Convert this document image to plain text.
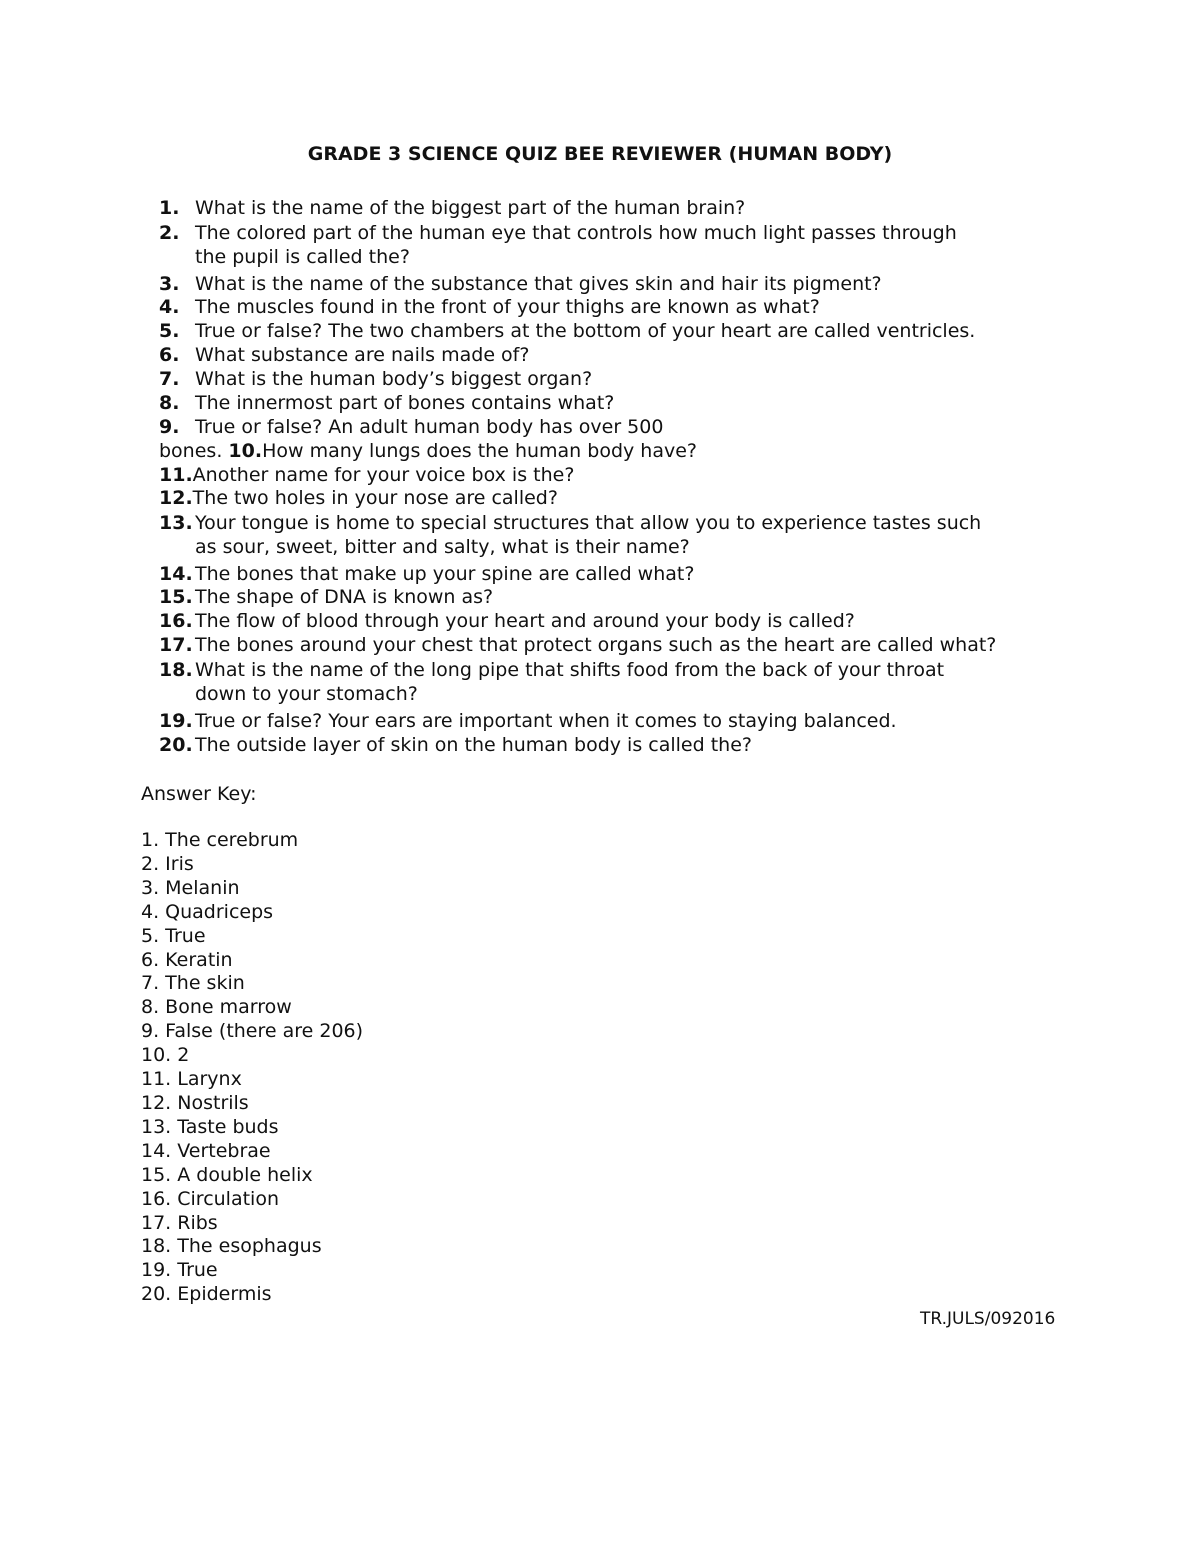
GRADE 3 SCIENCE QUIZ BEE REVIEWER (HUMAN BODY)
1. What is the name of the biggest part of the human brain?
2. The colored part of the human eye that controls how much light passes through
the pupil is called the?
3. What is the name of the substance that gives skin and hair its pigment?
4. The muscles found in the front of your thighs are known as what?
5. True or false? The two chambers at the bottom of your heart are called ventricles.
6. What substance are nails made of?
7. What is the human body’s biggest organ?
8. The innermost part of bones contains what?
9. True or false? An adult human body has over 500
bones. 10.How many lungs does the human body have?
11.Another name for your voice box is the?
12.The two holes in your nose are called?
13. Your tongue is home to special structures that allow you to experience tastes such
as sour, sweet, bitter and salty, what is their name?
14. The bones that make up your spine are called what?
15. The shape of DNA is known as?
16. The flow of blood through your heart and around your body is called?
17. The bones around your chest that protect organs such as the heart are called what?
18. What is the name of the long pipe that shifts food from the back of your throat
down to your stomach?
19. True or false? Your ears are important when it comes to staying balanced.
20. The outside layer of skin on the human body is called the?
Answer Key:
1. The cerebrum
2. Iris
3. Melanin
4. Quadriceps
5. True
6. Keratin
7. The skin
8. Bone marrow
9. False (there are 206)
10. 2
11. Larynx
12. Nostrils
13. Taste buds
14. Vertebrae
15. A double helix
16. Circulation
17. Ribs
18. The esophagus
19. True
20. Epidermis
TR.JULS/092016
